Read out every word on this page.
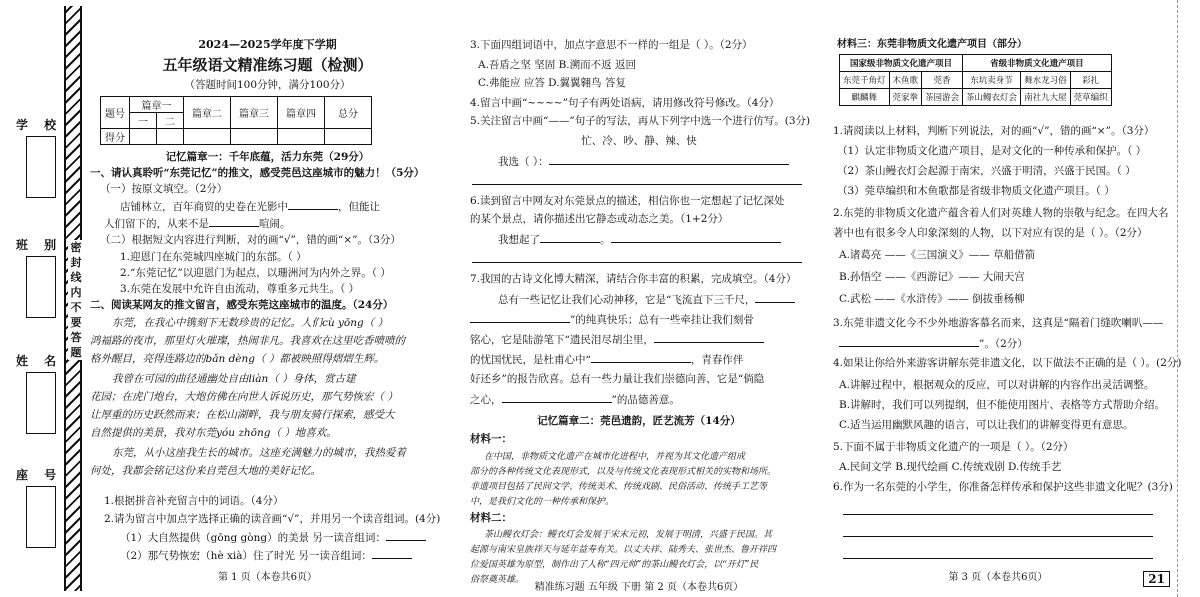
学 校
班 别
姓 名
座 号
密
封
线
内
不
要
答
题
2024—2025学年度下学期
五年级语文精准练习题（检测）
（答题时间100分钟，满分100分）
题号	篇章一		篇章二	篇章三	篇章四	总分
	一	二				
得分						
记忆篇章一：千年底蕴，活力东莞（29分）
一、请认真聆听“东莞记忆”的推文，感受莞邑这座城市的魅力！（5分）
（一）按原文填空。（2分）
店铺林立，百年商贸的史卷在光影中	，但能让
人们留下的，从来不是	喧闹。
（二）根据短文内容进行判断，对的画“√”，错的画“×”。（3分）
1.迎恩门在东莞城四座城门的东部。（ ）
2.“东莞记忆”以迎恩门为起点，以珊洲河为内外之界。（ ）
3.东莞在发展中允许自由流动，尊重多元共生。（ ）
二、阅读某网友的推文留言，感受东莞这座城市的温度。（24分）
东莞，在我心中镌刻下无数珍贵的记忆。人们cù yōng（ ）
鸿福路的夜市，那里灯火璀璨，热闹非凡。我喜欢在这里吃香喷喷的
格外醒目，亮得连路边的bǎn dèng（ ）都被映照得熠熠生辉。
我曾在可园的曲径通幽处自由liàn（ ）身体，赏古建
花园；在虎门炮台，大炮仿佛在向世人诉说历史，那气势恢宏（ ）
让厚重的历史跃然而来；在松山湖畔，我与朋友骑行探索，感受大
自然提供的美景，我对东莞yóu zhōng（ ）地喜欢。
东莞，从小这座我生长的城市。这座充满魅力的城市，我热爱着
何处，我都会铭记这份来自莞邑大地的美好记忆。
1.根据拼音补充留言中的词语。（4分）
2.请为留言中加点字选择正确的读音画“√”，并用另一个读音组词。(4分)
（1）大自然提供（gōng gòng）的美景 另一读音组词：
（2）那气势恢宏（hè xià）住了时光 另一读音组词：
第 1 页（本卷共6页）
3.下面四组词语中，加点字意思不一样的一组是（ ）。（2分）
A.吾盾之坚 坚固 B.溯而不返 返回
C.弗能应 应答 D.翼翼翱鸟 答复
4.留言中画“~~~~”句子有两处语病，请用修改符号修改。（4分）
5.关注留言中画“——”句子的写法，再从下列字中选一个进行仿写。(3分)
忙、冷、吵、静、辣、快
我选（ ）：
6.读到留言中网友对东莞景点的描述，相信你也一定想起了记忆深处
的某个景点，请你描述出它静态或动态之美。（1+2分）
我想起了	。
7.我国的古诗文化博大精深，请结合你丰富的积累，完成填空。（4分）
总有一些记忆让我们心动神移，它是“飞流直下三千尺，
”的纯真快乐；总有一些牵挂让我们刻骨
铭心，它是陆游笔下“遗民泪尽胡尘里，
的忧国忧民，是杜甫心中“	，青春作伴
好还乡”的报告欣喜。总有一些力量让我们崇德向善，它是“倘隐
之心，	”的品德善意。
记忆篇章二：莞邑遗韵，匠艺流芳（14分）
材料一：
在中国，非物质文化遗产在城市化进程中，并视为其文化遗产组成
部分的各种传统文化表现形式，以及与传统文化表现形式相关的实物和场所。
非遗项目包括了民间文学、传统美术、传统戏剧、民俗活动、传统手工艺等
中，是我们文化的一种传承和保护。
材料二：
茶山鳗衣灯会：鳗衣灯会发展于宋末元初，发展于明清，兴盛于民国。其
起源与南宋皇族祥天与延年益寿有关。以丈夫祥、陆秀夫、张世杰、鲁开祥四
位爱国英雄为原型，制作出了人称“四元帅”的茶山鳗衣灯会，以“开灯”民
俗祭奠英雄。
精准练习题 五年级 下册 第 2 页（本卷共6页）
材料三：东莞非物质文化遗产项目（部分）
国家级非物质文化遗产项目			省级非物质文化遗产项目		
东莞千角灯	木鱼歌	莞香	东坑卖身节	舞水龙习俗	彩扎
麒麟舞	莞家拳	茶园游会	茶山鳗衣灯会	南社九大屋	莞草编织
1.请阅读以上材料，判断下列说法，对的画“√”，错的画“×”。（3分）
（1）认定非物质文化遗产项目，是对文化的一种传承和保护。（ ）
（2）茶山鳗衣灯会起源于南宋，兴盛于明清，兴盛于民国。（ ）
（3）莞草编织和木鱼歌都是省级非物质文化遗产项目。（ ）
2.东莞的非物质文化遗产蕴含着人们对英雄人物的崇敬与纪念。在四大名
著中也有很多令人印象深刻的人物，以下对应有误的是（ ）。（2分）
A.诸葛亮 ——《三国演义》—— 草船借箭
B.孙悟空 ——《西游记》—— 大闹天宫
C.武松 ——《水浒传》—— 倒拔垂杨柳
3.东莞非遗文化今不少外地游客慕名而来，这真是“隔着门缝吹喇叭——
”。（2分）
4.如果让你给外来游客讲解东莞非遗文化，以下做法不正确的是（ ）。(2分)
A.讲解过程中，根据观众的反应，可以对讲解的内容作出灵活调整。
B.讲解时，我们可以列提纲，但不能使用图片、表格等方式帮助介绍。
C.适当运用幽默风趣的语言，可以让我们的讲解变得更有意思。
5.下面不属于非物质文化遗产的一项是（ ）。（2分）
A.民间文学 B.现代绘画 C.传统戏剧 D.传统手艺
6.作为一名东莞的小学生，你准备怎样传承和保护这些非遗文化呢？(3分)
第 3 页（本卷共6页）	21
